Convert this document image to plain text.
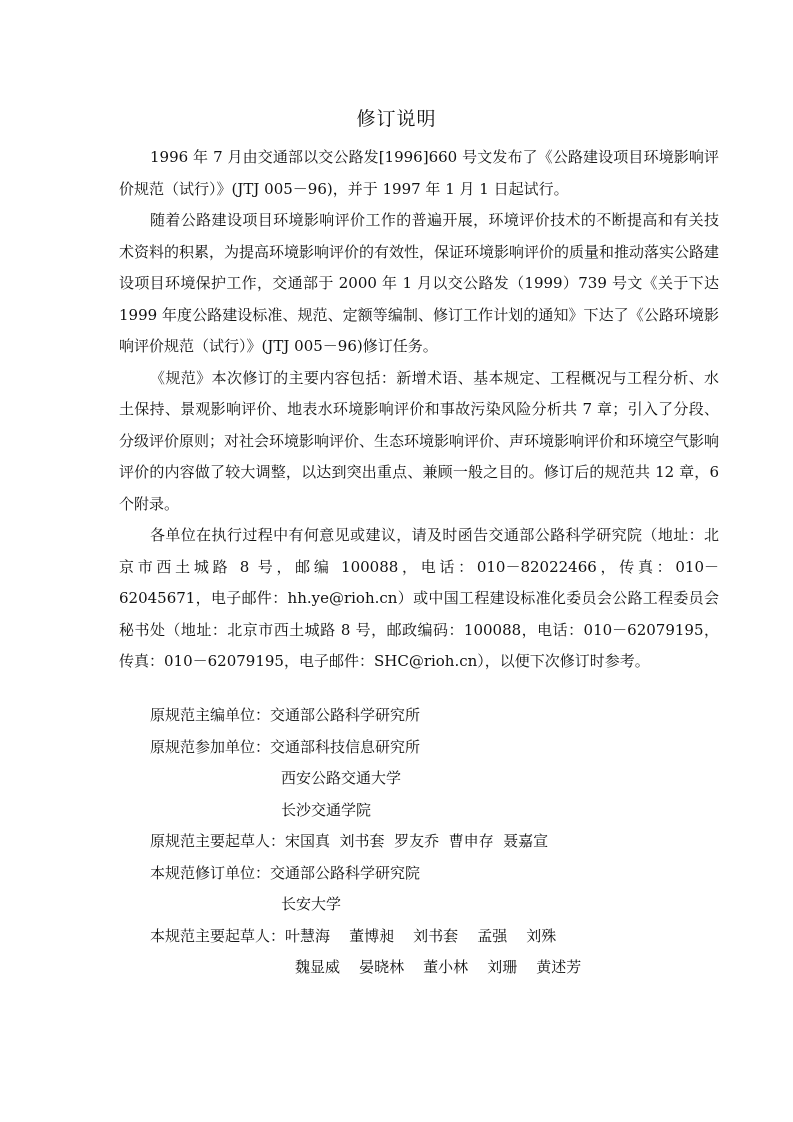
修订说明

1996 年 7 月由交通部以交公路发[1996]660 号文发布了《公路建设项目环境影响评价规范（试行）》(JTJ 005－96)，并于 1997 年 1 月 1 日起试行。

随着公路建设项目环境影响评价工作的普遍开展，环境评价技术的不断提高和有关技术资料的积累，为提高环境影响评价的有效性，保证环境影响评价的质量和推动落实公路建设项目环境保护工作，交通部于 2000 年 1 月以交公路发（1999）739 号文《关于下达 1999 年度公路建设标准、规范、定额等编制、修订工作计划的通知》下达了《公路环境影响评价规范（试行）》(JTJ 005－96)修订任务。

《规范》本次修订的主要内容包括：新增术语、基本规定、工程概况与工程分析、水土保持、景观影响评价、地表水环境影响评价和事故污染风险分析共 7 章；引入了分段、分级评价原则；对社会环境影响评价、生态环境影响评价、声环境影响评价和环境空气影响评价的内容做了较大调整，以达到突出重点、兼顾一般之目的。修订后的规范共 12 章，6 个附录。

各单位在执行过程中有何意见或建议，请及时函告交通部公路科学研究院（地址：北京市西土城路 8 号，邮编 100088，电话：010－82022466，传真：010－62045671，电子邮件：hh.ye@rioh.cn）或中国工程建设标准化委员会公路工程委员会秘书处（地址：北京市西土城路 8 号，邮政编码：100088，电话：010－62079195，传真：010－62079195，电子邮件：SHC@rioh.cn），以便下次修订时参考。

原规范主编单位：交通部公路科学研究所
原规范参加单位：交通部科技信息研究所
西安公路交通大学
长沙交通学院
原规范主要起草人：宋国真  刘书套  罗友乔  曹申存  聂嘉宣
本规范修订单位：交通部公路科学研究院
长安大学
本规范主要起草人：叶慧海    董博昶    刘书套    孟强    刘殊
魏显威    晏晓林    董小林    刘珊    黄述芳
